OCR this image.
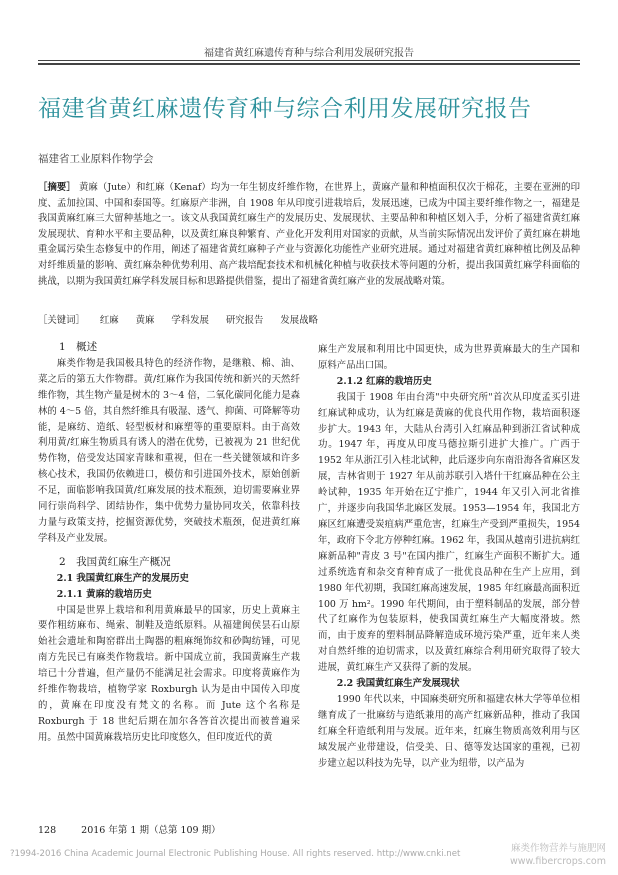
福建省黄红麻遗传育种与综合利用发展研究报告
福建省黄红麻遗传育种与综合利用发展研究报告
福建省工业原料作物学会
［摘要］ 黄麻（Jute）和红麻（Kenaf）均为一年生韧皮纤维作物，在世界上，黄麻产量和种植面积仅次于棉花，主要在亚洲的印度、孟加拉国、中国和泰国等。红麻原产非洲，自 1908 年从印度引进栽培后，发展迅速，已成为中国主要纤维作物之一，福建是我国黄麻红麻三大留种基地之一。该文从我国黄红麻生产的发展历史、发展现状、主要品种和种植区划入手，分析了福建省黄红麻发展现状、育种水平和主要品种，以及黄红麻良种繁育、产业化开发利用对国家的贡献，从当前实际情况出发评价了黄红麻在耕地重金属污染生态修复中的作用，阐述了福建省黄红麻种子产业与资源化功能性产业研究进展。通过对福建省黄红麻种植比例及品种对纤维质量的影响、黄红麻杂种优势利用、高产栽培配套技术和机械化种植与收获技术等问题的分析，提出我国黄红麻学科面临的挑战，以期为我国黄红麻学科发展目标和思路提供借鉴，提出了福建省黄红麻产业的发展战略对策。
［关键词］ 红麻 黄麻 学科发展 研究报告 发展战略

1　概述

麻类作物是我国极具特色的经济作物，是继粮、棉、油、菜之后的第五大作物群。黄/红麻作为我国传统和新兴的天然纤维作物，其生物产量是树木的 3～4 倍，二氧化碳同化能力是森林的 4～5 倍，其自然纤维具有吸湿、透气、抑菌、可降解等功能，是麻纺、造纸、轻型板材和麻塑等的重要原料。由于高效利用黄/红麻生物质具有诱人的潜在优势，已被视为 21 世纪优势作物，倍受发达国家青睐和重视，但在一些关键领域和许多核心技术，我国仍依赖进口，模仿和引进国外技术，原始创新不足，面临影响我国黄/红麻发展的技术瓶颈，迫切需要麻业界同行崇尚科学、团结协作，集中优势力量协同攻关，依靠科技力量与政策支持，挖掘资源优势，突破技术瓶颈，促进黄红麻学科及产业发展。

2　我国黄红麻生产概况

2.1 我国黄红麻生产的发展历史

2.1.1 黄麻的栽培历史

中国是世界上栽培和利用黄麻最早的国家，历史上黄麻主要作粗纺麻布、绳索、制鞋及造纸原料。从福建闽侯昙石山原始社会遗址和陶窑群出土陶器的粗麻绳饰纹和砂陶纺锤，可见南方先民已有麻类作物栽培。新中国成立前，我国黄麻生产栽培已十分普遍，但产量仍不能满足社会需求。印度将黄麻作为纤维作物栽培，植物学家 Roxburgh 认为是由中国传入印度的，黄麻在印度没有梵文的名称。而 Jute 这个名称是 Roxburgh 于 18 世纪后期在加尔各答首次提出而被普遍采用。虽然中国黄麻栽培历史比印度悠久，但印度近代的黄

麻生产发展和利用比中国更快，成为世界黄麻最大的生产国和原料产品出口国。

2.1.2 红麻的栽培历史

我国于 1908 年由台湾"中央研究所"首次从印度孟买引进红麻试种成功，认为红麻是黄麻的优良代用作物，栽培面积逐步扩大。1943 年，大陆从台湾引入红麻品种到浙江省试种成功。1947 年，再度从印度马德拉斯引进扩大推广。广西于 1952 年从浙江引入桂北试种，此后逐步向东南沿海各省麻区发展，吉林省则于 1927 年从前苏联引入塔什干红麻品种在公主岭试种，1935 年开始在辽宁推广，1944 年又引入河北省推广，并逐步向我国华北麻区发展。1953—1954 年，我国北方麻区红麻遭受炭疽病严重危害，红麻生产受到严重损失，1954 年，政府下令北方停种红麻。1962 年，我国从越南引进抗病红麻新品种"青皮 3 号"在国内推广，红麻生产面积不断扩大。通过系统选育和杂交育种育成了一批优良品种在生产上应用，到 1980 年代初期，我国红麻高速发展，1985 年红麻最高面积近 100 万 hm²。1990 年代期间，由于塑料制品的发展，部分替代了红麻作为包装原料，使我国黄红麻生产大幅度滑坡。然而，由于废弃的塑料制品降解造成环境污染严重，近年来人类对自然纤维的迫切需求，以及黄红麻综合利用研究取得了较大进展，黄红麻生产又获得了新的发展。

2.2 我国黄红麻生产发展现状

1990 年代以来，中国麻类研究所和福建农林大学等单位相继育成了一批麻纺与造纸兼用的高产红麻新品种，推动了我国红麻全秆造纸利用与发展。近年来，红麻生物质高效利用与区域发展产业带建设，信受美、日、德等发达国家的重视，已初步建立起以科技为先导，以产业为纽带，以产品为

128	2016 年第 1 期（总第 109 期）
?1994-2016 China Academic Journal Electronic Publishing House. All rights reserved. http://www.cnki.net	麻类作物营养与施肥网
www.fibercrops.com
